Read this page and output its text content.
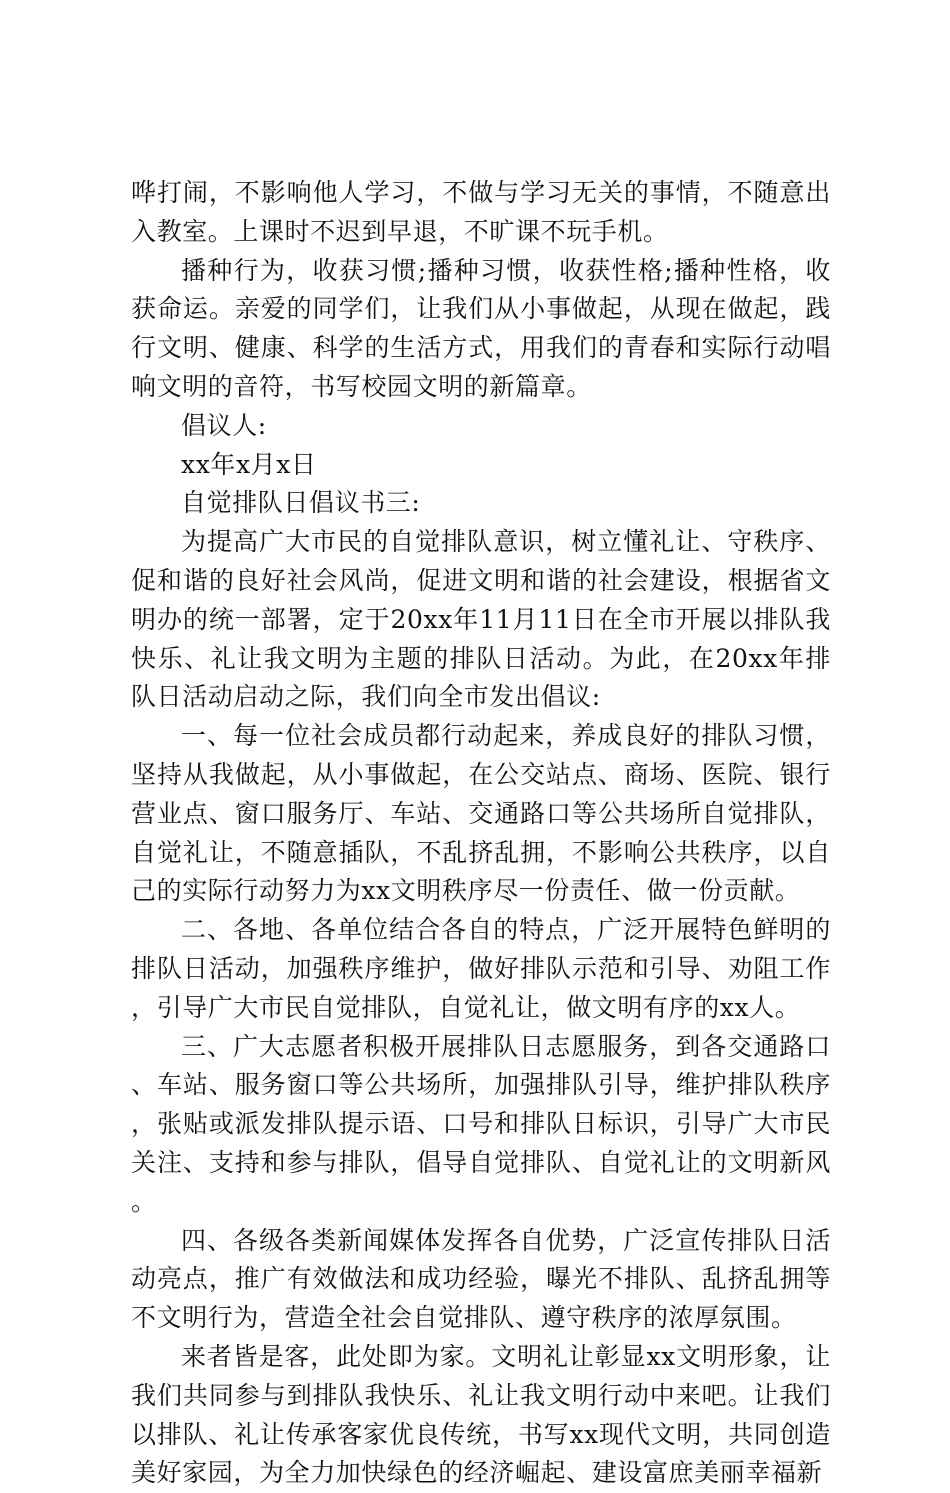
哗打闹，不影响他人学习，不做与学习无关的事情，不随意出入教室。上课时不迟到早退，不旷课不玩手机。

播种行为，收获习惯;播种习惯，收获性格;播种性格，收获命运。亲爱的同学们，让我们从小事做起，从现在做起，践行文明、健康、科学的生活方式，用我们的青春和实际行动唱响文明的音符，书写校园文明的新篇章。

倡议人:

xx年x月x日

自觉排队日倡议书三:

为提高广大市民的自觉排队意识，树立懂礼让、守秩序、促和谐的良好社会风尚，促进文明和谐的社会建设，根据省文明办的统一部署，定于20xx年11月11日在全市开展以排队我快乐、礼让我文明为主题的排队日活动。为此，在20xx年排队日活动启动之际，我们向全市发出倡议:

一、每一位社会成员都行动起来，养成良好的排队习惯，坚持从我做起，从小事做起，在公交站点、商场、医院、银行营业点、窗口服务厅、车站、交通路口等公共场所自觉排队，自觉礼让，不随意插队，不乱挤乱拥，不影响公共秩序，以自己的实际行动努力为xx文明秩序尽一份责任、做一份贡献。

二、各地、各单位结合各自的特点，广泛开展特色鲜明的排队日活动，加强秩序维护，做好排队示范和引导、劝阻工作，引导广大市民自觉排队，自觉礼让，做文明有序的xx人。

三、广大志愿者积极开展排队日志愿服务，到各交通路口、车站、服务窗口等公共场所，加强排队引导，维护排队秩序，张贴或派发排队提示语、口号和排队日标识，引导广大市民关注、支持和参与排队，倡导自觉排队、自觉礼让的文明新风。

四、各级各类新闻媒体发挥各自优势，广泛宣传排队日活动亮点，推广有效做法和成功经验，曝光不排队、乱挤乱拥等不文明行为，营造全社会自觉排队、遵守秩序的浓厚氛围。

来者皆是客，此处即为家。文明礼让彰显xx文明形象，让我们共同参与到排队我快乐、礼让我文明行动中来吧。让我们以排队、礼让传承客家优良传统，书写xx现代文明，共同创造美好家园，为全力加快绿色的经济崛起、建设富庶美丽幸福新
